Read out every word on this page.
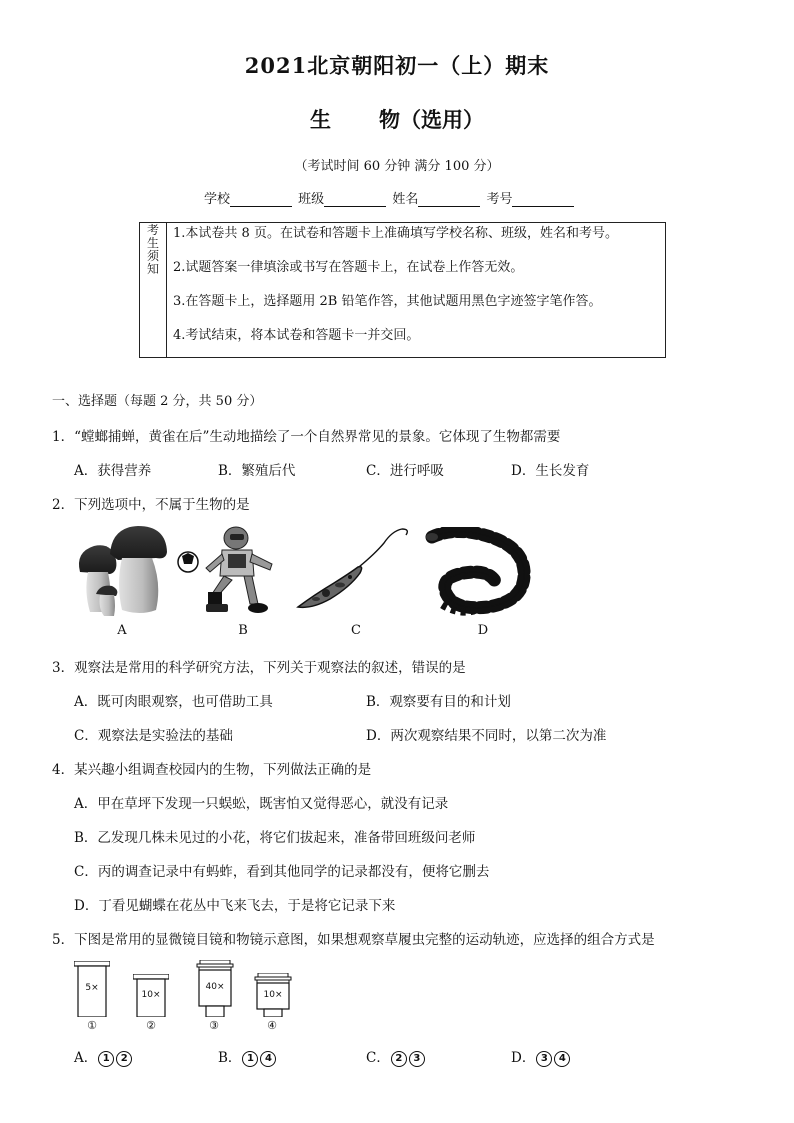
2021北京朝阳初一（上）期末
生 物（选用）
（考试时间 60 分钟 满分 100 分）
学校	班级	姓名	考号
考
生
须
知
1.本试卷共 8 页。在试卷和答题卡上准确填写学校名称、班级，姓名和考号。
2.试题答案一律填涂或书写在答题卡上，在试卷上作答无效。
3.在答题卡上，选择题用 2B 铅笔作答，其他试题用黑色字迹签字笔作答。
4.考试结束，将本试卷和答题卡一并交回。
一、选择题（每题 2 分，共 50 分）
1．“螳螂捕蝉，黄雀在后”生动地描绘了一个自然界常见的景象。它体现了生物都需要
A．获得营养	B．繁殖后代	C．进行呼吸	D．生长发育
2．下列选项中，不属于生物的是
A	B	C	D
3．观察法是常用的科学研究方法，下列关于观察法的叙述，错误的是
A．既可肉眼观察，也可借助工具	B．观察要有目的和计划
C．观察法是实验法的基础	D．两次观察结果不同时，以第二次为准
4．某兴趣小组调查校园内的生物，下列做法正确的是
A．甲在草坪下发现一只蜈蚣，既害怕又觉得恶心，就没有记录
B．乙发现几株未见过的小花，将它们拔起来，准备带回班级问老师
C．丙的调查记录中有蚂蚱，看到其他同学的记录都没有，便将它删去
D．丁看见蝴蝶在花丛中飞来飞去，于是将它记录下来
5．下图是常用的显微镜目镜和物镜示意图，如果想观察草履虫完整的运动轨迹，应选择的组合方式是
5×
①
10×
②
40×
③
10×
④
A． 1 2	B． 1 4	C． 2 3	D． 3 4
